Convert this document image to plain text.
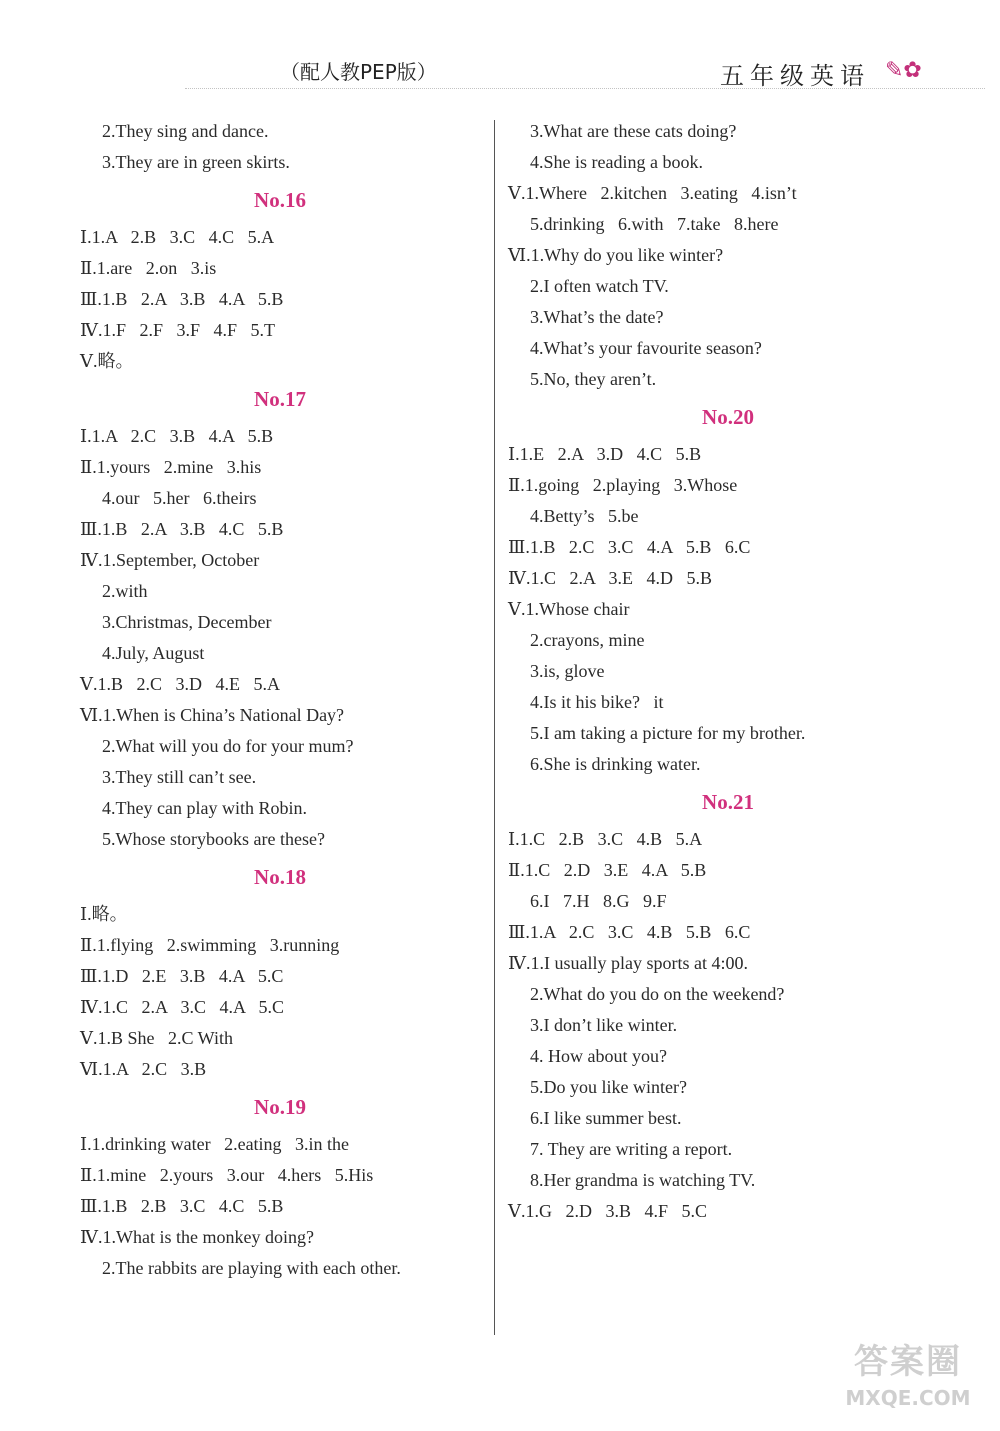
（配人教PEP版）	五年级英语 ✎✿
2.They sing and dance.
3.They are in green skirts.
No.16
Ⅰ.1.A   2.B   3.C   4.C   5.A
Ⅱ.1.are   2.on   3.is
Ⅲ.1.B   2.A   3.B   4.A   5.B
Ⅳ.1.F   2.F   3.F   4.F   5.T
Ⅴ.略。
No.17
Ⅰ.1.A   2.C   3.B   4.A   5.B
Ⅱ.1.yours   2.mine   3.his
4.our   5.her   6.theirs
Ⅲ.1.B   2.A   3.B   4.C   5.B
Ⅳ.1.September, October
2.with
3.Christmas, December
4.July, August
Ⅴ.1.B   2.C   3.D   4.E   5.A
Ⅵ.1.When is China’s National Day?
2.What will you do for your mum?
3.They still can’t see.
4.They can play with Robin.
5.Whose storybooks are these?
No.18
Ⅰ.略。
Ⅱ.1.flying   2.swimming   3.running
Ⅲ.1.D   2.E   3.B   4.A   5.C
Ⅳ.1.C   2.A   3.C   4.A   5.C
Ⅴ.1.B She   2.C With
Ⅵ.1.A   2.C   3.B
No.19
Ⅰ.1.drinking water   2.eating   3.in the
Ⅱ.1.mine   2.yours   3.our   4.hers   5.His
Ⅲ.1.B   2.B   3.C   4.C   5.B
Ⅳ.1.What is the monkey doing?
2.The rabbits are playing with each other.
3.What are these cats doing?
4.She is reading a book.
Ⅴ.1.Where   2.kitchen   3.eating   4.isn’t
5.drinking   6.with   7.take   8.here
Ⅵ.1.Why do you like winter?
2.I often watch TV.
3.What’s the date?
4.What’s your favourite season?
5.No, they aren’t.
No.20
Ⅰ.1.E   2.A   3.D   4.C   5.B
Ⅱ.1.going   2.playing   3.Whose
4.Betty’s   5.be
Ⅲ.1.B   2.C   3.C   4.A   5.B   6.C
Ⅳ.1.C   2.A   3.E   4.D   5.B
Ⅴ.1.Whose chair
2.crayons, mine
3.is, glove
4.Is it his bike?   it
5.I am taking a picture for my brother.
6.She is drinking water.
No.21
Ⅰ.1.C   2.B   3.C   4.B   5.A
Ⅱ.1.C   2.D   3.E   4.A   5.B
6.I   7.H   8.G   9.F
Ⅲ.1.A   2.C   3.C   4.B   5.B   6.C
Ⅳ.1.I usually play sports at 4:00.
2.What do you do on the weekend?
3.I don’t like winter.
4. How about you?
5.Do you like winter?
6.I like summer best.
7. They are writing a report.
8.Her grandma is watching TV.
Ⅴ.1.G   2.D   3.B   4.F   5.C
答案圈
MXQE.COM
